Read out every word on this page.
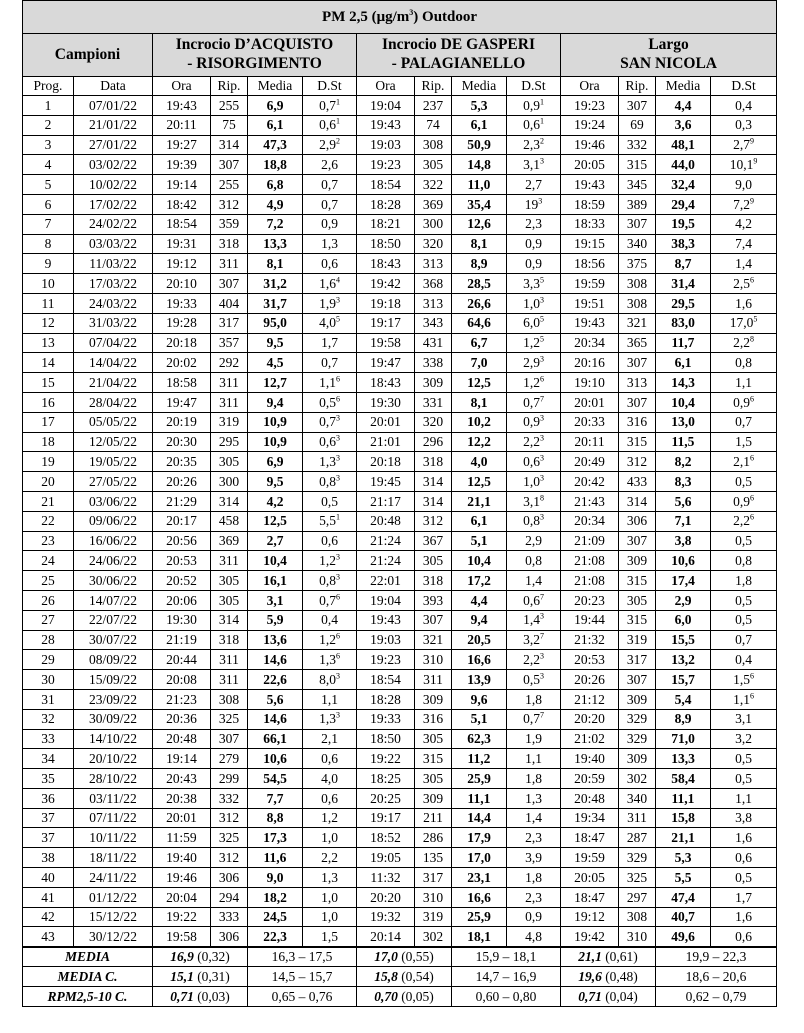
PM 2,5 $(\mu g/m^3)$ Outdoor													
Campioni		Incrocio D’ACQUISTO
- RISORGIMENTO				Incrocio DE GASPERI
- PALAGIANELLO				Largo
SAN NICOLA			
Prog.	Data	Ora	Rip.	Media	D.St	Ora	Rip.	Media	D.St	Ora	Rip.	Media	D.St
1	07/01/22	19:43	255	6,9	$0,7^1$	19:04	237	5,3	$0,9^1$	19:23	307	4,4	0,4
2	21/01/22	20:11	75	6,1	$0,6^1$	19:43	74	6,1	$0,6^1$	19:24	69	3,6	0,3
3	27/01/22	19:27	314	47,3	$2,9^2$	19:03	308	50,9	$2,3^2$	19:46	332	48,1	$2,7^9$
4	03/02/22	19:39	307	18,8	2,6	19:23	305	14,8	$3,1^3$	20:05	315	44,0	10,1$^9$
5	10/02/22	19:14	255	6,8	0,7	18:54	322	11,0	2,7	19:43	345	32,4	9,0
6	17/02/22	18:42	312	4,9	0,7	18:28	369	35,4	$19^3$	18:59	389	29,4	$7,2^9$
7	24/02/22	18:54	359	7,2	0,9	18:21	300	12,6	2,3	18:33	307	19,5	4,2
8	03/03/22	19:31	318	13,3	1,3	18:50	320	8,1	0,9	19:15	340	38,3	7,4
9	11/03/22	19:12	311	8,1	0,6	18:43	313	8,9	0,9	18:56	375	8,7	1,4
10	17/03/22	20:10	307	31,2	$1,6^4$	19:42	368	28,5	$3,3^5$	19:59	308	31,4	$2,5^6$
11	24/03/22	19:33	404	31,7	$1,9^3$	19:18	313	26,6	$1,0^3$	19:51	308	29,5	1,6
12	31/03/22	19:28	317	95,0	$4,0^5$	19:17	343	64,6	$6,0^5$	19:43	321	83,0	17,0$^5$
13	07/04/22	20:18	357	9,5	1,7	19:58	431	6,7	$1,2^5$	20:34	365	11,7	$2,2^8$
14	14/04/22	20:02	292	4,5	0,7	19:47	338	7,0	$2,9^3$	20:16	307	6,1	0,8
15	21/04/22	18:58	311	12,7	$1,1^6$	18:43	309	12,5	$1,2^6$	19:10	313	14,3	1,1
16	28/04/22	19:47	311	9,4	$0,5^6$	19:30	331	8,1	$0,7^7$	20:01	307	10,4	$0,9^6$
17	05/05/22	20:19	319	10,9	$0,7^3$	20:01	320	10,2	$0,9^3$	20:33	316	13,0	0,7
18	12/05/22	20:30	295	10,9	$0,6^3$	21:01	296	12,2	$2,2^3$	20:11	315	11,5	1,5
19	19/05/22	20:35	305	6,9	$1,3^3$	20:18	318	4,0	$0,6^3$	20:49	312	8,2	$2,1^6$
20	27/05/22	20:26	300	9,5	$0,8^3$	19:45	314	12,5	$1,0^3$	20:42	433	8,3	0,5
21	03/06/22	21:29	314	4,2	0,5	21:17	314	21,1	$3,1^8$	21:43	314	5,6	$0,9^6$
22	09/06/22	20:17	458	12,5	$5,5^1$	20:48	312	6,1	$0,8^3$	20:34	306	7,1	$2,2^6$
23	16/06/22	20:56	369	2,7	0,6	21:24	367	5,1	2,9	21:09	307	3,8	0,5
24	24/06/22	20:53	311	10,4	$1,2^3$	21:24	305	10,4	0,8	21:08	309	10,6	0,8
25	30/06/22	20:52	305	16,1	$0,8^3$	22:01	318	17,2	1,4	21:08	315	17,4	1,8
26	14/07/22	20:06	305	3,1	$0,7^6$	19:04	393	4,4	$0,6^7$	20:23	305	2,9	0,5
27	22/07/22	19:30	314	5,9	0,4	19:43	307	9,4	$1,4^3$	19:44	315	6,0	0,5
28	30/07/22	21:19	318	13,6	$1,2^6$	19:03	321	20,5	$3,2^7$	21:32	319	15,5	0,7
29	08/09/22	20:44	311	14,6	$1,3^6$	19:23	310	16,6	$2,2^3$	20:53	317	13,2	0,4
30	15/09/22	20:08	311	22,6	$8,0^3$	18:54	311	13,9	$0,5^3$	20:26	307	15,7	$1,5^6$
31	23/09/22	21:23	308	5,6	1,1	18:28	309	9,6	1,8	21:12	309	5,4	$1,1^6$
32	30/09/22	20:36	325	14,6	$1,3^3$	19:33	316	5,1	$0,7^7$	20:20	329	8,9	3,1
33	14/10/22	20:48	307	66,1	2,1	18:50	305	62,3	1,9	21:02	329	71,0	3,2
34	20/10/22	19:14	279	10,6	0,6	19:22	315	11,2	1,1	19:40	309	13,3	0,5
35	28/10/22	20:43	299	54,5	4,0	18:25	305	25,9	1,8	20:59	302	58,4	0,5
36	03/11/22	20:38	332	7,7	0,6	20:25	309	11,1	1,3	20:48	340	11,1	1,1
37	07/11/22	20:01	312	8,8	1,2	19:17	211	14,4	1,4	19:34	311	15,8	3,8
37	10/11/22	11:59	325	17,3	1,0	18:52	286	17,9	2,3	18:47	287	21,1	1,6
38	18/11/22	19:40	312	11,6	2,2	19:05	135	17,0	3,9	19:59	329	5,3	0,6
40	24/11/22	19:46	306	9,0	1,3	11:32	317	23,1	1,8	20:05	325	5,5	0,5
41	01/12/22	20:04	294	18,2	1,0	20:20	310	16,6	2,3	18:47	297	47,4	1,7
42	15/12/22	19:22	333	24,5	1,0	19:32	319	25,9	0,9	19:12	308	40,7	1,6
43	30/12/22	19:58	306	22,3	1,5	20:14	302	18,1	4,8	19:42	310	49,6	0,6
MEDIA		16,9 (0,32)		16,3 – 17,5		17,0 (0,55)		15,9 – 18,1		21,1 (0,61)		19,9 – 22,3	
MEDIA C.		15,1 (0,31)		14,5 – 15,7		15,8 (0,54)		14,7 – 16,9		19,6 (0,48)		18,6 – 20,6	
RPM2,5-10 C.		0,71 (0,03)		0,65 – 0,76		0,70 (0,05)		0,60 – 0,80		0,71 (0,04)		0,62 – 0,79	
